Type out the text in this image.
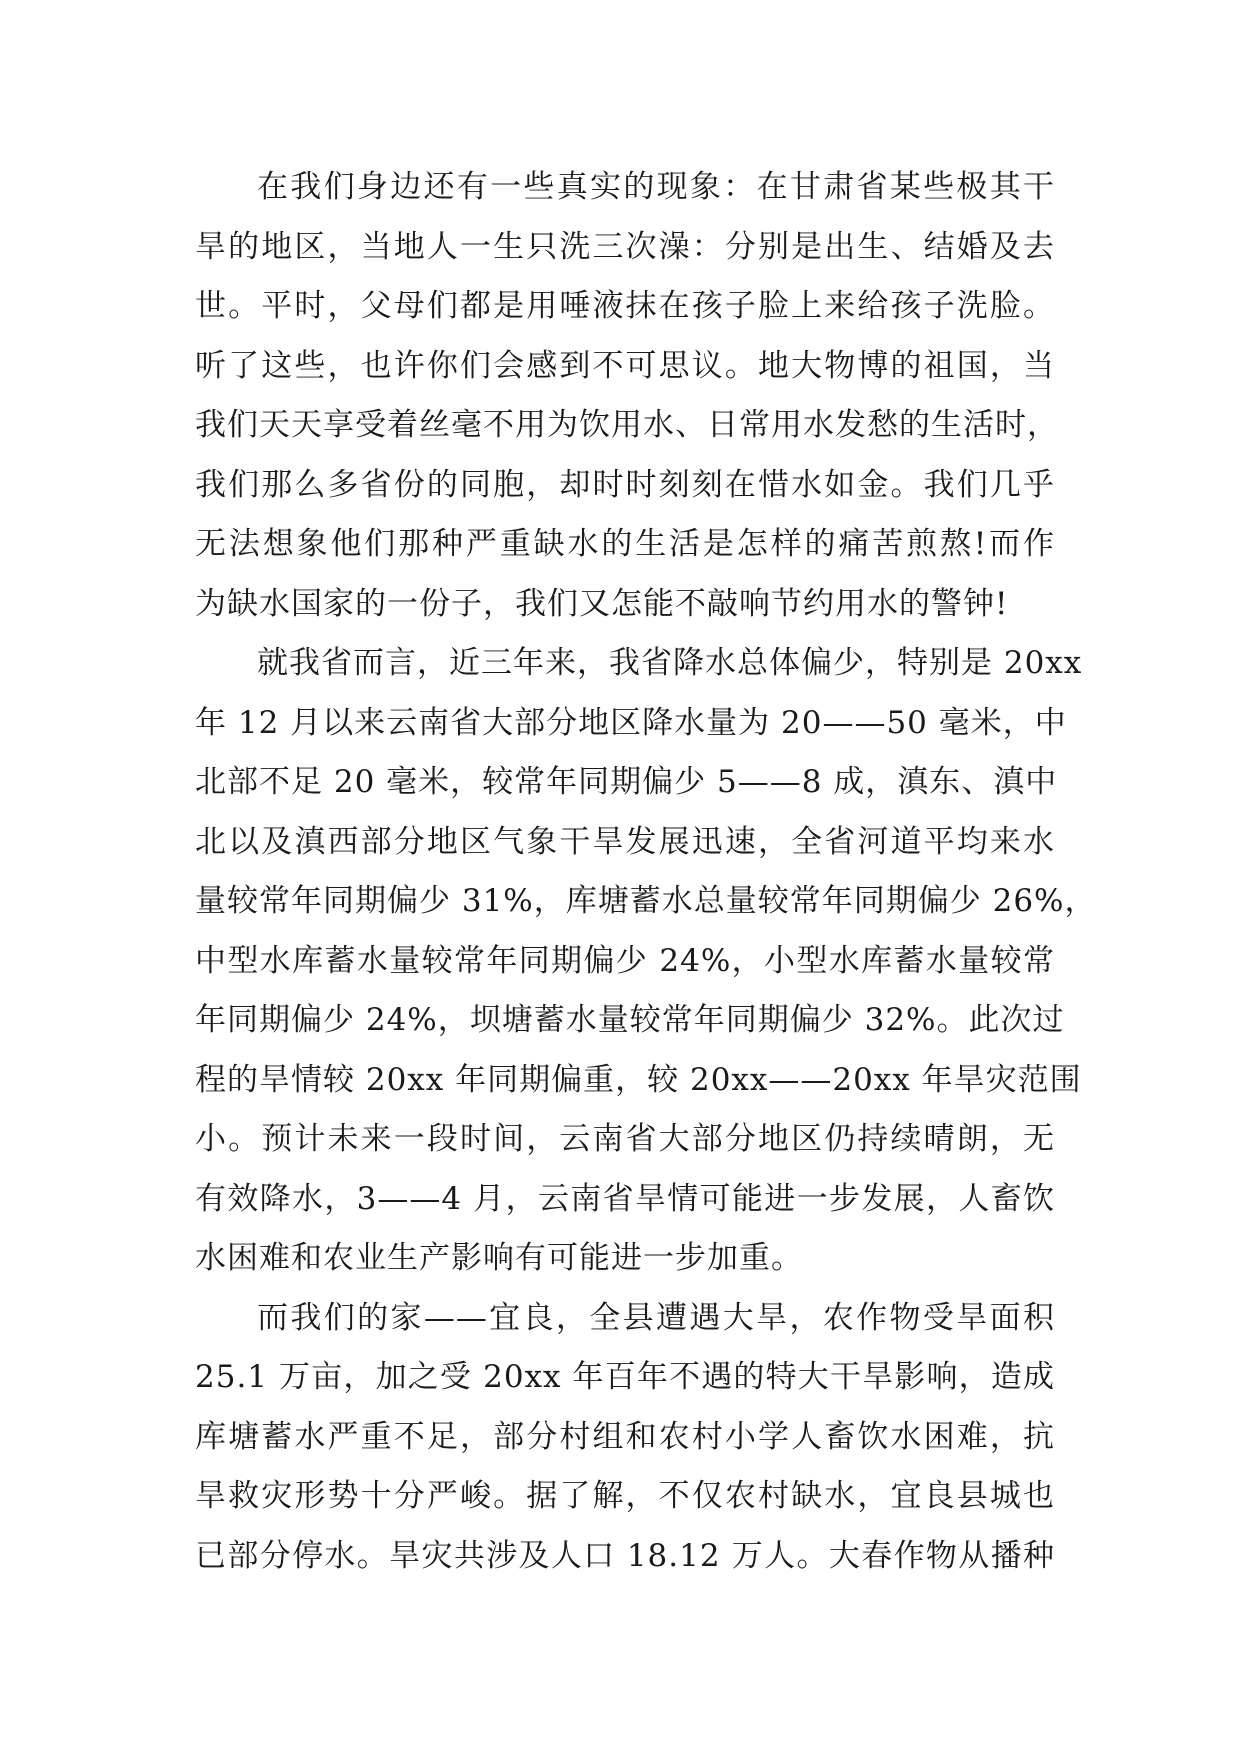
在我们身边还有一些真实的现象：在甘肃省某些极其干
旱的地区，当地人一生只洗三次澡：分别是出生、结婚及去
世。平时，父母们都是用唾液抹在孩子脸上来给孩子洗脸。
听了这些，也许你们会感到不可思议。地大物博的祖国，当
我们天天享受着丝毫不用为饮用水、日常用水发愁的生活时，
我们那么多省份的同胞，却时时刻刻在惜水如金。我们几乎
无法想象他们那种严重缺水的生活是怎样的痛苦煎熬!而作
为缺水国家的一份子，我们又怎能不敲响节约用水的警钟!
就我省而言，近三年来，我省降水总体偏少，特别是 20xx
年 12 月以来云南省大部分地区降水量为 20——50 毫米，中
北部不足 20 毫米，较常年同期偏少 5——8 成，滇东、滇中
北以及滇西部分地区气象干旱发展迅速，全省河道平均来水
量较常年同期偏少 31%，库塘蓄水总量较常年同期偏少 26%，
中型水库蓄水量较常年同期偏少 24%，小型水库蓄水量较常
年同期偏少 24%，坝塘蓄水量较常年同期偏少 32%。此次过
程的旱情较 20xx 年同期偏重，较 20xx——20xx 年旱灾范围
小。预计未来一段时间，云南省大部分地区仍持续晴朗，无
有效降水，3——4 月，云南省旱情可能进一步发展，人畜饮
水困难和农业生产影响有可能进一步加重。
而我们的家——宜良，全县遭遇大旱，农作物受旱面积
25.1 万亩，加之受 20xx 年百年不遇的特大干旱影响，造成
库塘蓄水严重不足，部分村组和农村小学人畜饮水困难，抗
旱救灾形势十分严峻。据了解，不仅农村缺水，宜良县城也
已部分停水。旱灾共涉及人口 18.12 万人。大春作物从播种
